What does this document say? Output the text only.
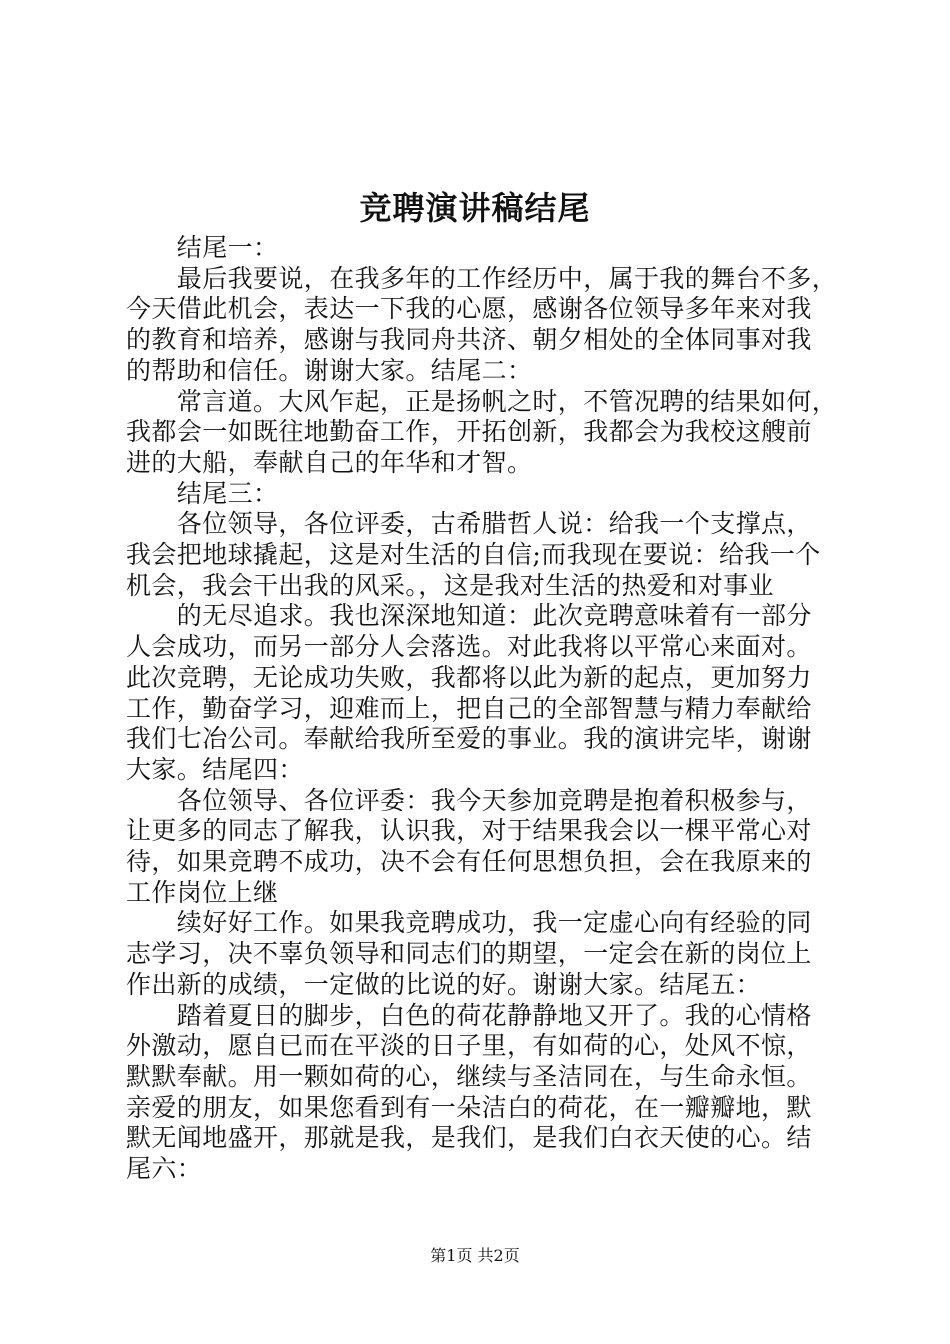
竞聘演讲稿结尾

　　结尾一：

　　最后我要说，在我多年的工作经历中，属于我的舞台不多，

今天借此机会，表达一下我的心愿，感谢各位领导多年来对我

的教育和培养，感谢与我同舟共济、朝夕相处的全体同事对我

的帮助和信任。谢谢大家。结尾二：

　　常言道。大风乍起，正是扬帆之时，不管况聘的结果如何，

我都会一如既往地勤奋工作，开拓创新，我都会为我校这艘前

进的大船，奉献自己的年华和才智。

　　结尾三：

　　各位领导，各位评委，古希腊哲人说：给我一个支撑点，

我会把地球撬起，这是对生活的自信;而我现在要说：给我一个

机会，我会干出我的风采。，这是我对生活的热爱和对事业

　　的无尽追求。我也深深地知道：此次竞聘意味着有一部分

人会成功，而另一部分人会落选。对此我将以平常心来面对。

此次竞聘，无论成功失败，我都将以此为新的起点，更加努力

工作，勤奋学习，迎难而上，把自己的全部智慧与精力奉献给

我们七冶公司。奉献给我所至爱的事业。我的演讲完毕，谢谢

大家。结尾四：

　　各位领导、各位评委：我今天参加竞聘是抱着积极参与，

让更多的同志了解我，认识我，对于结果我会以一棵平常心对

待，如果竞聘不成功，决不会有任何思想负担，会在我原来的

工作岗位上继

　　续好好工作。如果我竞聘成功，我一定虚心向有经验的同

志学习，决不辜负领导和同志们的期望，一定会在新的岗位上

作出新的成绩，一定做的比说的好。谢谢大家。结尾五：

　　踏着夏日的脚步，白色的荷花静静地又开了。我的心情格

外激动，愿自已而在平淡的日子里，有如荷的心，处风不惊，

默默奉献。用一颗如荷的心，继续与圣洁同在，与生命永恒。

亲爱的朋友，如果您看到有一朵洁白的荷花，在一瓣瓣地，默

默无闻地盛开，那就是我，是我们，是我们白衣天使的心。结

尾六：

第1页 共2页
